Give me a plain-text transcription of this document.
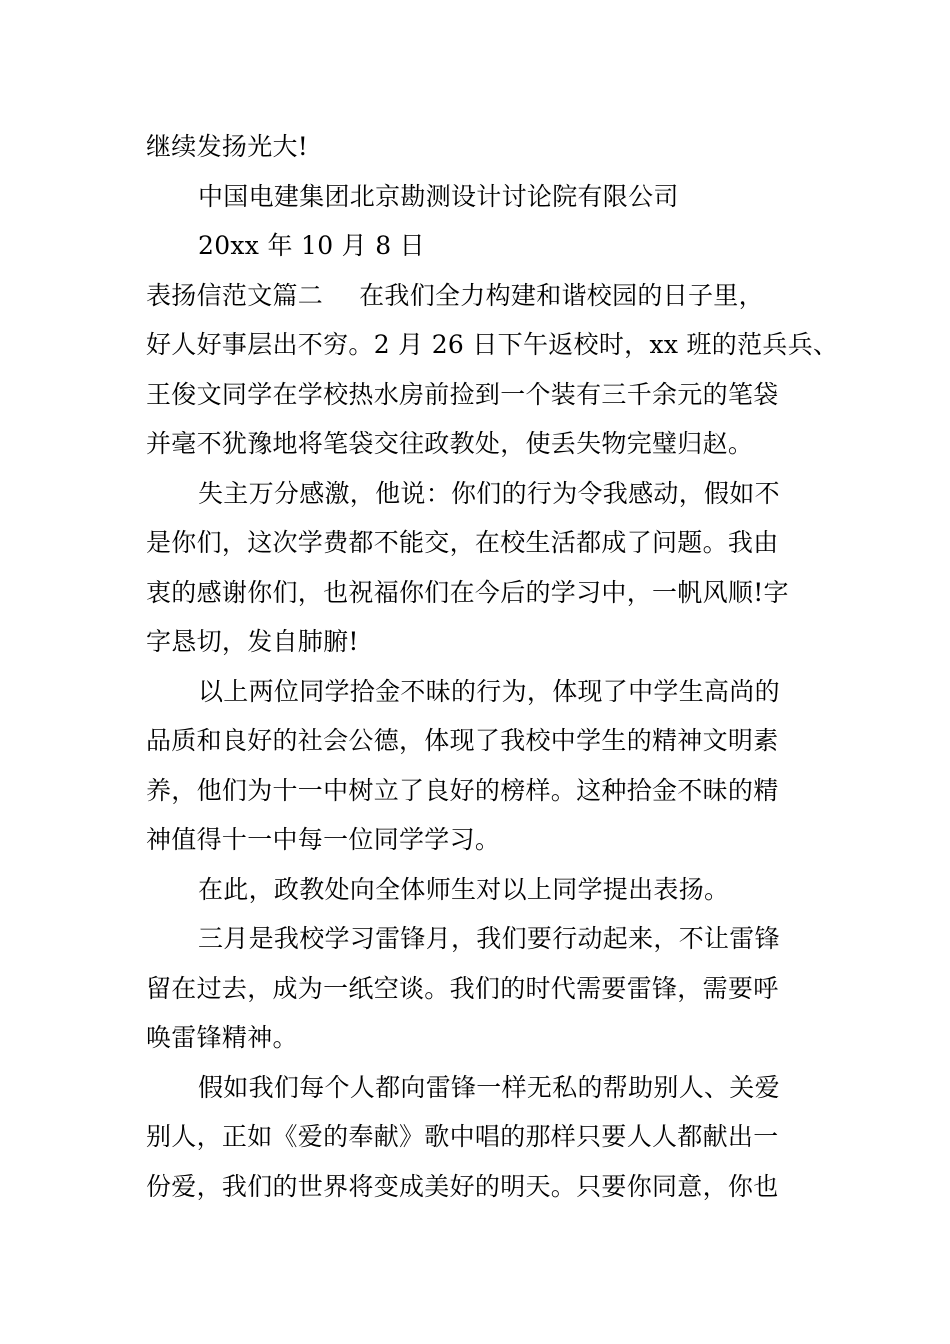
继续发扬光大!
中国电建集团北京勘测设计讨论院有限公司
20xx 年 10 月 8 日
表扬信范文篇二 在我们全力构建和谐校园的日子里，
好人好事层出不穷。2 月 26 日下午返校时，xx 班的范兵兵、
王俊文同学在学校热水房前捡到一个装有三千余元的笔袋
并毫不犹豫地将笔袋交往政教处，使丢失物完璧归赵。
失主万分感激，他说：你们的行为令我感动，假如不
是你们，这次学费都不能交，在校生活都成了问题。我由
衷的感谢你们，也祝福你们在今后的学习中，一帆风顺!字
字恳切，发自肺腑!
以上两位同学拾金不昧的行为，体现了中学生高尚的
品质和良好的社会公德，体现了我校中学生的精神文明素
养，他们为十一中树立了良好的榜样。这种拾金不昧的精
神值得十一中每一位同学学习。
在此，政教处向全体师生对以上同学提出表扬。
三月是我校学习雷锋月，我们要行动起来，不让雷锋
留在过去，成为一纸空谈。我们的时代需要雷锋，需要呼
唤雷锋精神。
假如我们每个人都向雷锋一样无私的帮助别人、关爱
别人，正如《爱的奉献》歌中唱的那样只要人人都献出一
份爱，我们的世界将变成美好的明天。只要你同意，你也
